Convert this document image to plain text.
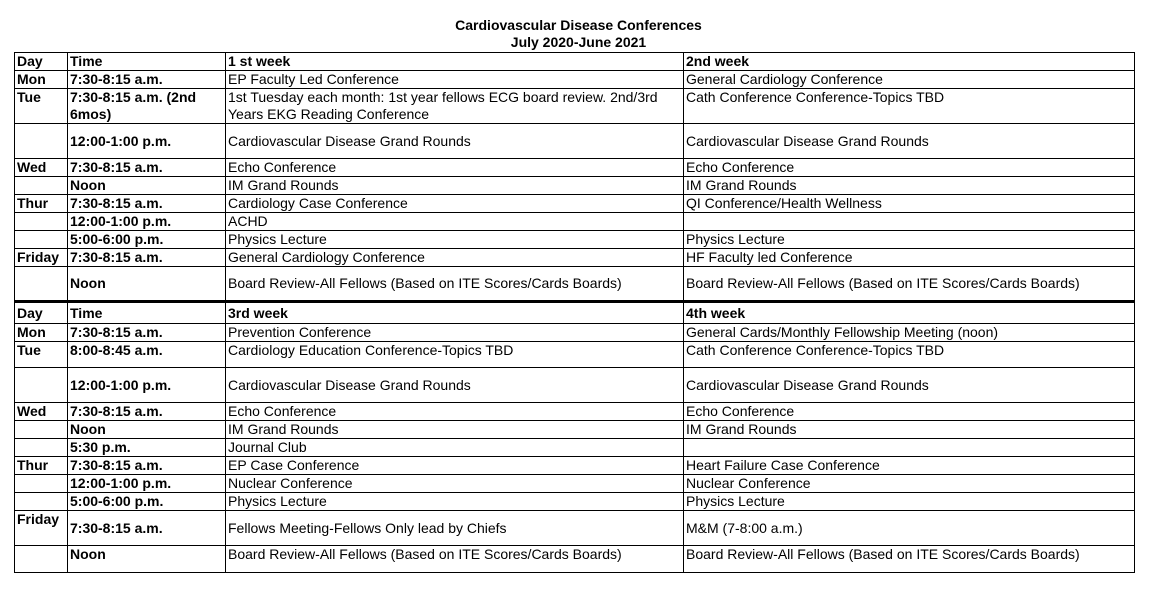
Cardiovascular Disease Conferences
July 2020-June 2021
Day	Time	1 st week	2nd week
Mon	7:30-8:15 a.m.	EP Faculty Led Conference	General Cardiology Conference
Tue	7:30-8:15 a.m. (2nd 6mos)	1st Tuesday each month: 1st year fellows ECG board review. 2nd/3rd Years EKG Reading Conference	Cath Conference Conference-Topics TBD
	12:00-1:00 p.m.	Cardiovascular Disease Grand Rounds	Cardiovascular Disease Grand Rounds
Wed	7:30-8:15 a.m.	Echo Conference	Echo Conference
	Noon	IM Grand Rounds	IM Grand Rounds
Thur	7:30-8:15 a.m.	Cardiology Case Conference	QI Conference/Health Wellness
	12:00-1:00 p.m.	ACHD	
	5:00-6:00 p.m.	Physics Lecture	Physics Lecture
Friday	7:30-8:15 a.m.	General Cardiology Conference	HF Faculty led Conference
	Noon	Board Review-All Fellows (Based on ITE Scores/Cards Boards)	Board Review-All Fellows (Based on ITE Scores/Cards Boards)
Day	Time	3rd week	4th week
Mon	7:30-8:15 a.m.	Prevention Conference	General Cards/Monthly Fellowship Meeting (noon)
Tue	8:00-8:45 a.m.	Cardiology Education Conference-Topics TBD	Cath Conference Conference-Topics TBD
	12:00-1:00 p.m.	Cardiovascular Disease Grand Rounds	Cardiovascular Disease Grand Rounds
Wed	7:30-8:15 a.m.	Echo Conference	Echo Conference
	Noon	IM Grand Rounds	IM Grand Rounds
	5:30 p.m.	Journal Club	
Thur	7:30-8:15 a.m.	EP Case Conference	Heart Failure Case Conference
	12:00-1:00 p.m.	Nuclear Conference	Nuclear Conference
	5:00-6:00 p.m.	Physics Lecture	Physics Lecture
Friday	7:30-8:15 a.m.	Fellows Meeting-Fellows Only lead by Chiefs	M&M (7-8:00 a.m.)
	Noon	Board Review-All Fellows (Based on ITE Scores/Cards Boards)	Board Review-All Fellows (Based on ITE Scores/Cards Boards)
